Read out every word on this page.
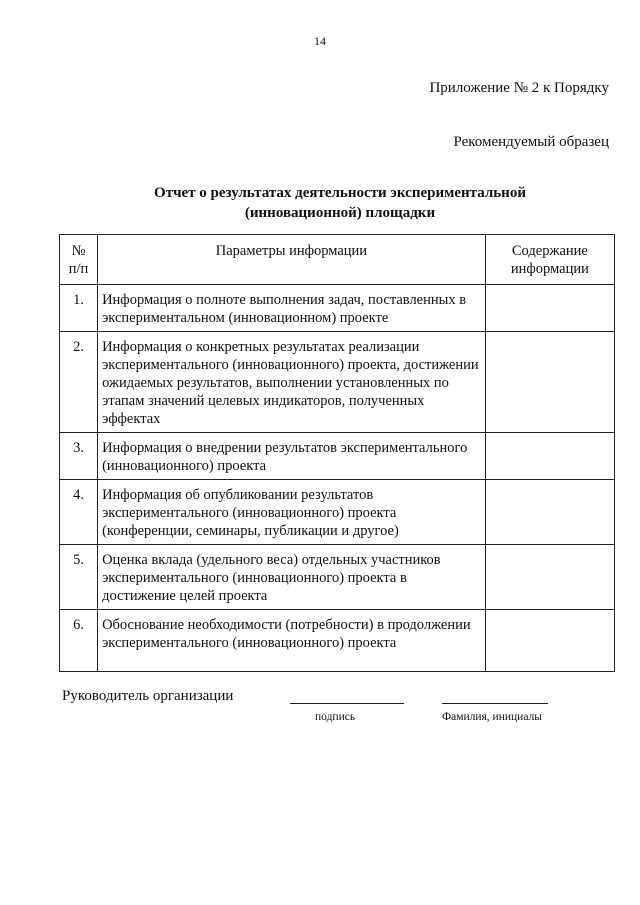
14
Приложение № 2 к Порядку
Рекомендуемый образец
Отчет о результатах деятельности экспериментальной
(инновационной) площадки
№ п/п	Параметры информации	Содержание информации
1.	Информация о полноте выполнения задач, поставленных в экспериментальном (инновационном) проекте	
2.	Информация о конкретных результатах реализации экспериментального (инновационного) проекта, достижении ожидаемых результатов, выполнении установленных по этапам значений целевых индикаторов, полученных эффектах	
3.	Информация о внедрении результатов экспериментального (инновационного) проекта	
4.	Информация об опубликовании результатов экспериментального (инновационного) проекта (конференции, семинары, публикации и другое)	
5.	Оценка вклада (удельного веса) отдельных участников экспериментального (инновационного) проекта в достижение целей проекта	
6.	Обоснование необходимости (потребности) в продолжении экспериментального (инновационного) проекта	
Руководитель организации
подпись	Фамилия, инициалы
